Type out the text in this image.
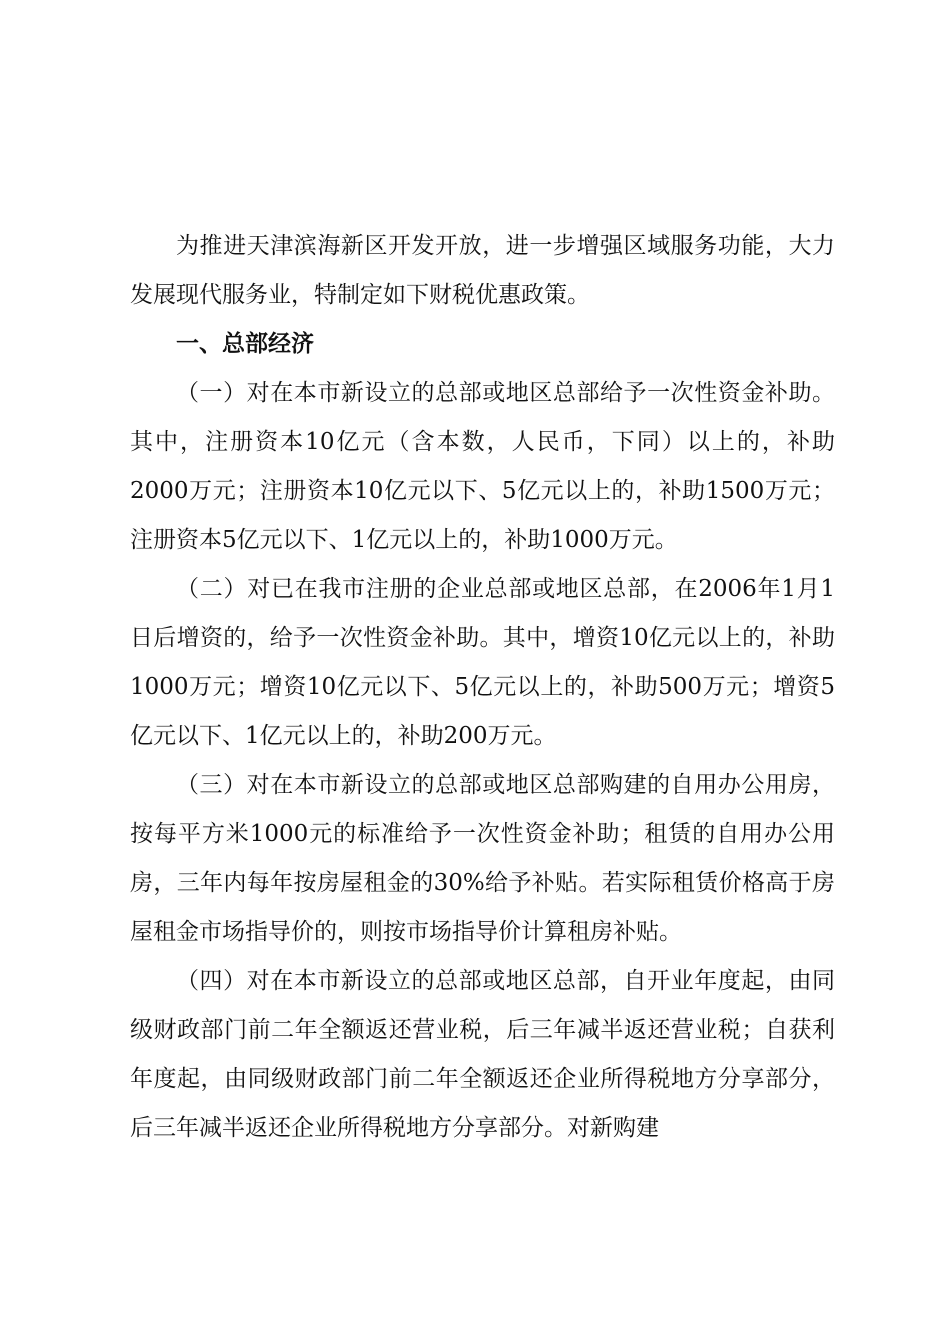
为推进天津滨海新区开发开放，进一步增强区域服务功能，大力发展现代服务业，特制定如下财税优惠政策。

一、总部经济

（一）对在本市新设立的总部或地区总部给予一次性资金补助。其中，注册资本10亿元（含本数，人民币，下同）以上的，补助2000万元；注册资本10亿元以下、5亿元以上的，补助1500万元；注册资本5亿元以下、1亿元以上的，补助1000万元。

（二）对已在我市注册的企业总部或地区总部，在2006年1月1日后增资的，给予一次性资金补助。其中，增资10亿元以上的，补助1000万元；增资10亿元以下、5亿元以上的，补助500万元；增资5亿元以下、1亿元以上的，补助200万元。

（三）对在本市新设立的总部或地区总部购建的自用办公用房，按每平方米1000元的标准给予一次性资金补助；租赁的自用办公用房，三年内每年按房屋租金的30%给予补贴。若实际租赁价格高于房屋租金市场指导价的，则按市场指导价计算租房补贴。

（四）对在本市新设立的总部或地区总部，自开业年度起，由同级财政部门前二年全额返还营业税，后三年减半返还营业税；自获利年度起，由同级财政部门前二年全额返还企业所得税地方分享部分，后三年减半返还企业所得税地方分享部分。对新购建
